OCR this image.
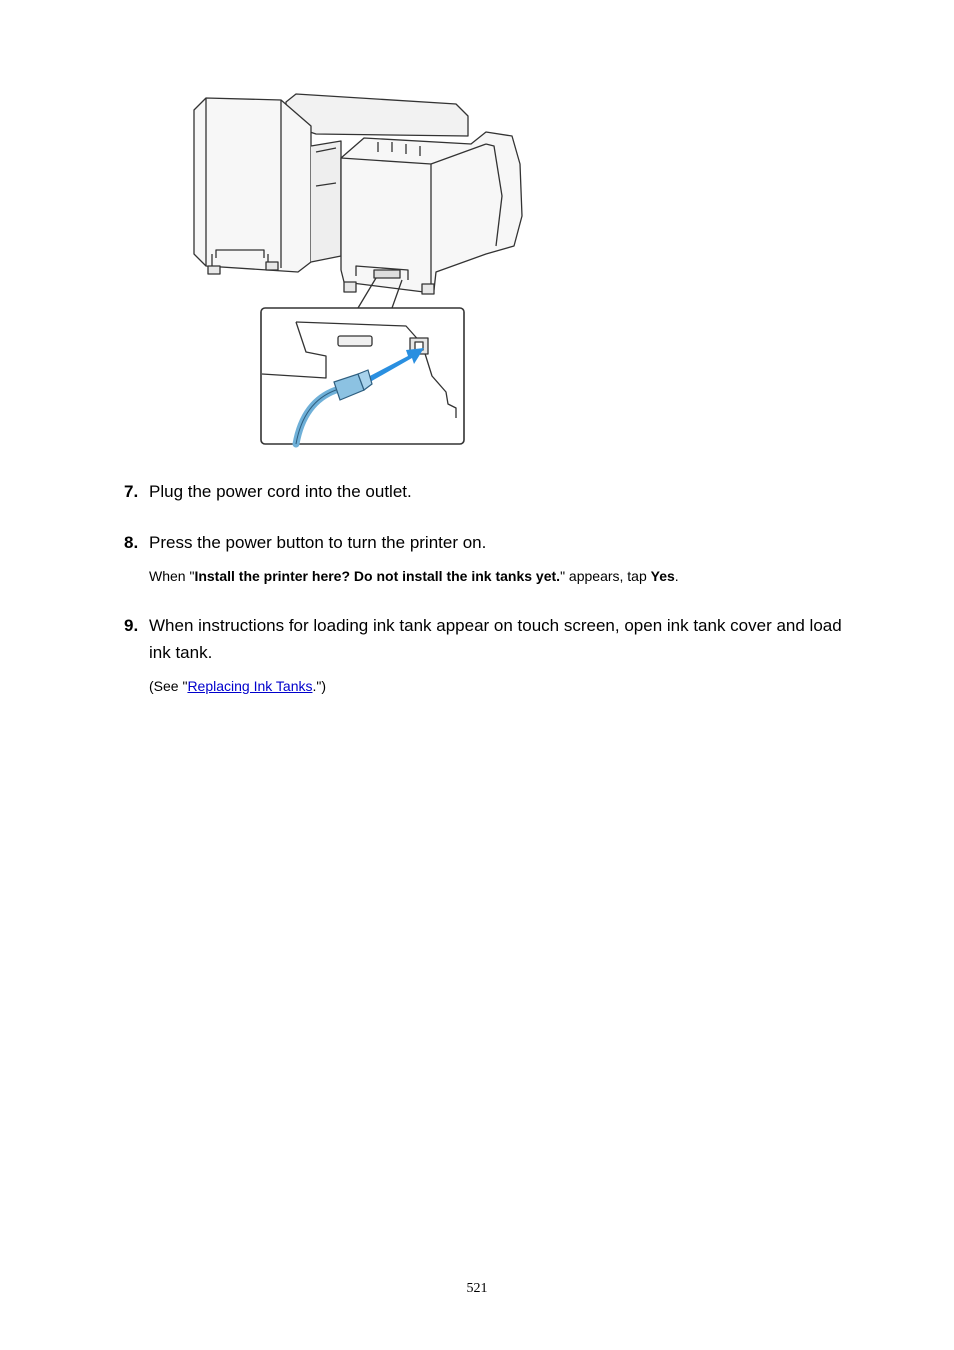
7. Plug the power cord into the outlet.
8. Press the power button to turn the printer on.
When "Install the printer here? Do not install the ink tanks yet." appears, tap Yes.
9. When instructions for loading ink tank appear on touch screen, open ink tank cover and load ink tank.
(See "Replacing Ink Tanks.")
521
